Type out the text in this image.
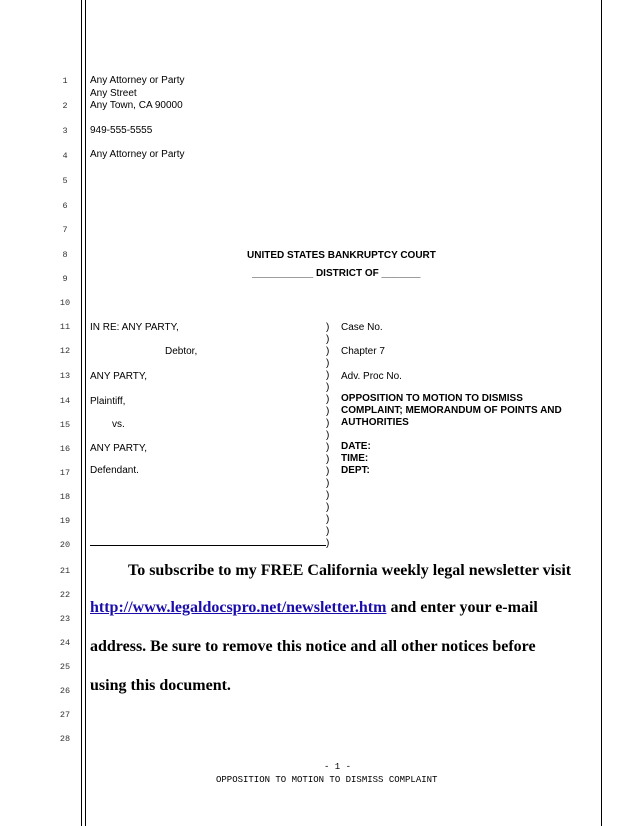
1
2
3
4
5
6
7
8
9
10
11
12
13
14
15
16
17
18
19
20
21
22
23
24
25
26
27
28
Any Attorney or Party
Any Street
Any Town, CA 90000
949-555-5555
Any Attorney or Party
UNITED STATES BANKRUPTCY COURT
___________ DISTRICT OF _______
IN RE: ANY PARTY,
Debtor,
ANY PARTY,
Plaintiff,
vs.
ANY PARTY,
Defendant.
)
)
)
)
)
)
)
)
)
)
)
)
)
)
)
)
)
)
)
Case No.
Chapter 7
Adv. Proc No.
OPPOSITION TO MOTION TO DISMISS
COMPLAINT; MEMORANDUM OF POINTS AND
AUTHORITIES
DATE:
TIME:
DEPT:
To subscribe to my FREE California weekly legal newsletter visit
http://www.legaldocspro.net/newsletter.htm and enter your e-mail
address. Be sure to remove this notice and all other notices before
using this document.
- 1 -
OPPOSITION TO MOTION TO DISMISS COMPLAINT
